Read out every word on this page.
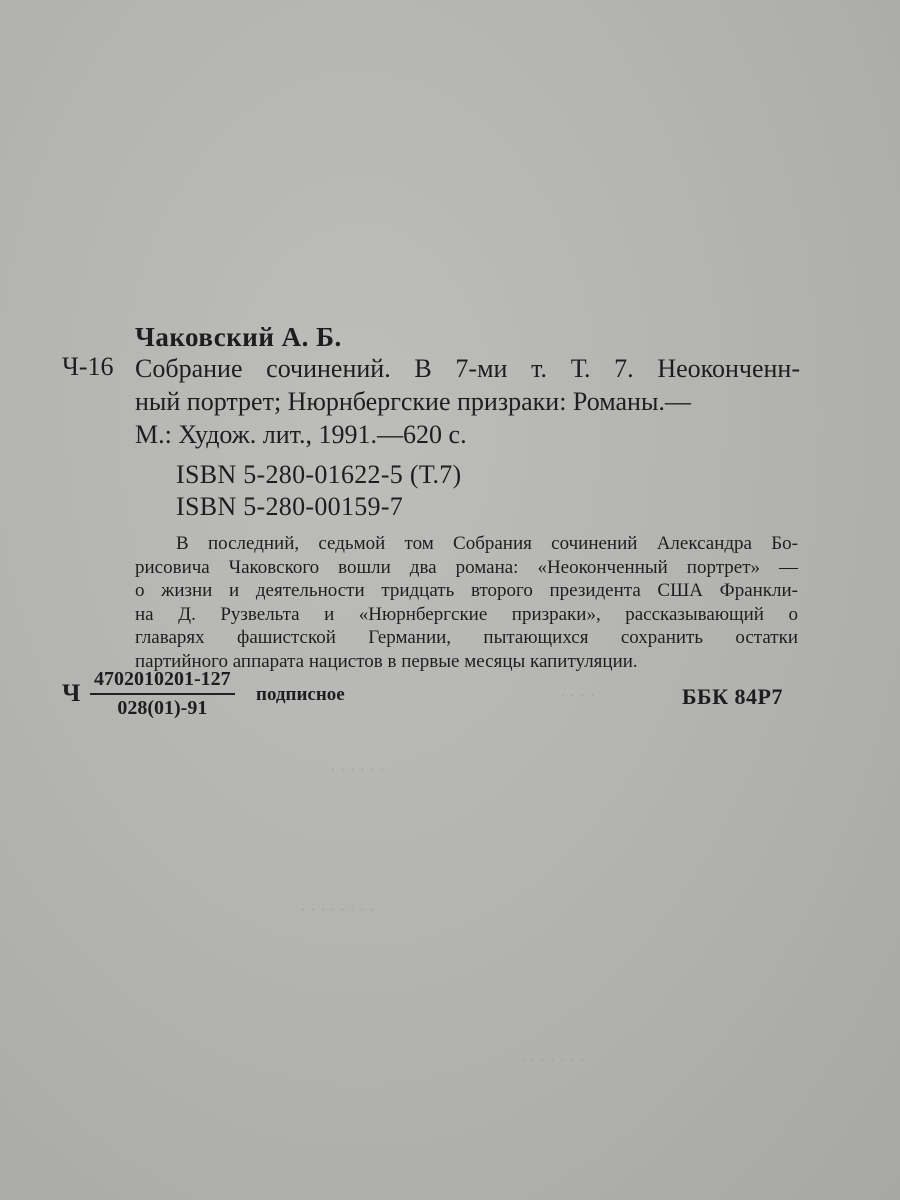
· · · ·
· · · · · ·
· · · · · · · ·
· · · · · · ·
Чаковский А. Б.
Ч-16 Собрание сочинений. В 7-ми т. Т. 7. Неоконченн-
ный портрет; Нюрнбергские призраки: Романы.—
М.: Худож. лит., 1991.—620 с.
ISBN 5-280-01622-5 (Т.7)
ISBN 5-280-00159-7
В последний, седьмой том Собрания сочинений Александра Бо-
рисовича Чаковского вошли два романа: «Неоконченный портрет» —
о жизни и деятельности тридцать второго президента США Франкли-
на Д. Рузвельта и «Нюрнбергские призраки», рассказывающий о
главарях фашистской Германии, пытающихся сохранить остатки
партийного аппарата нацистов в первые месяцы капитуляции.
Ч $\frac{4702010201-127}{028(01)-91}$ подписное	ББК 84Р7
